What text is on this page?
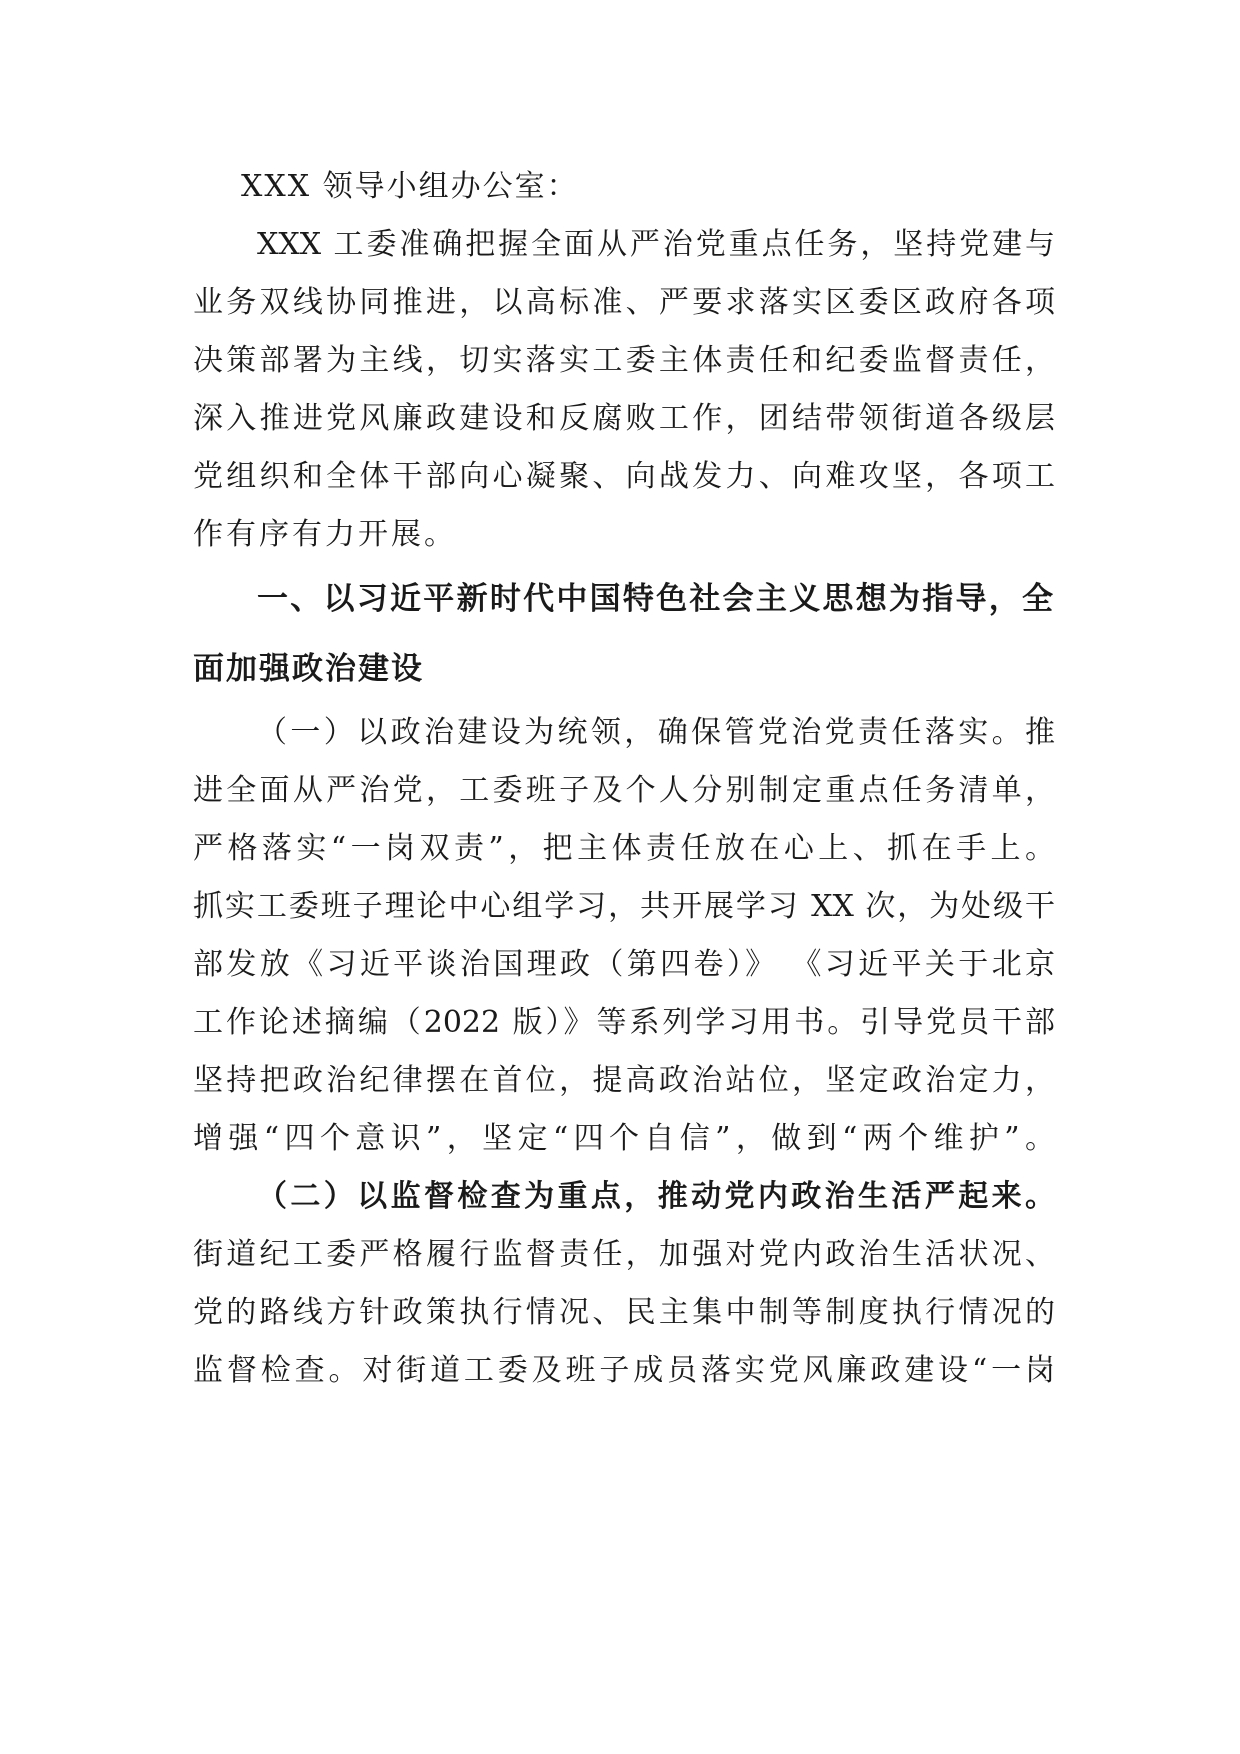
XXX 领导小组办公室：
XXX 工委准确把握全面从严治党重点任务，坚持党建与
业务双线协同推进，以高标准、严要求落实区委区政府各项
决策部署为主线，切实落实工委主体责任和纪委监督责任，
深入推进党风廉政建设和反腐败工作，团结带领街道各级层
党组织和全体干部向心凝聚、向战发力、向难攻坚，各项工
作有序有力开展。
一、以习近平新时代中国特色社会主义思想为指导，全
面加强政治建设
（一）以政治建设为统领，确保管党治党责任落实。推
进全面从严治党，工委班子及个人分别制定重点任务清单，
严格落实“一岗双责”，把主体责任放在心上、抓在手上。
抓实工委班子理论中心组学习，共开展学习 XX 次，为处级干
部发放《习近平谈治国理政（第四卷）》 《习近平关于北京
工作论述摘编（2022 版）》等系列学习用书。引导党员干部
坚持把政治纪律摆在首位，提高政治站位，坚定政治定力，
增强“四个意识”，坚定“四个自信”，做到“两个维护”。
（二）以监督检查为重点，推动党内政治生活严起来。
街道纪工委严格履行监督责任，加强对党内政治生活状况、
党的路线方针政策执行情况、民主集中制等制度执行情况的
监督检查。对街道工委及班子成员落实党风廉政建设“一岗
